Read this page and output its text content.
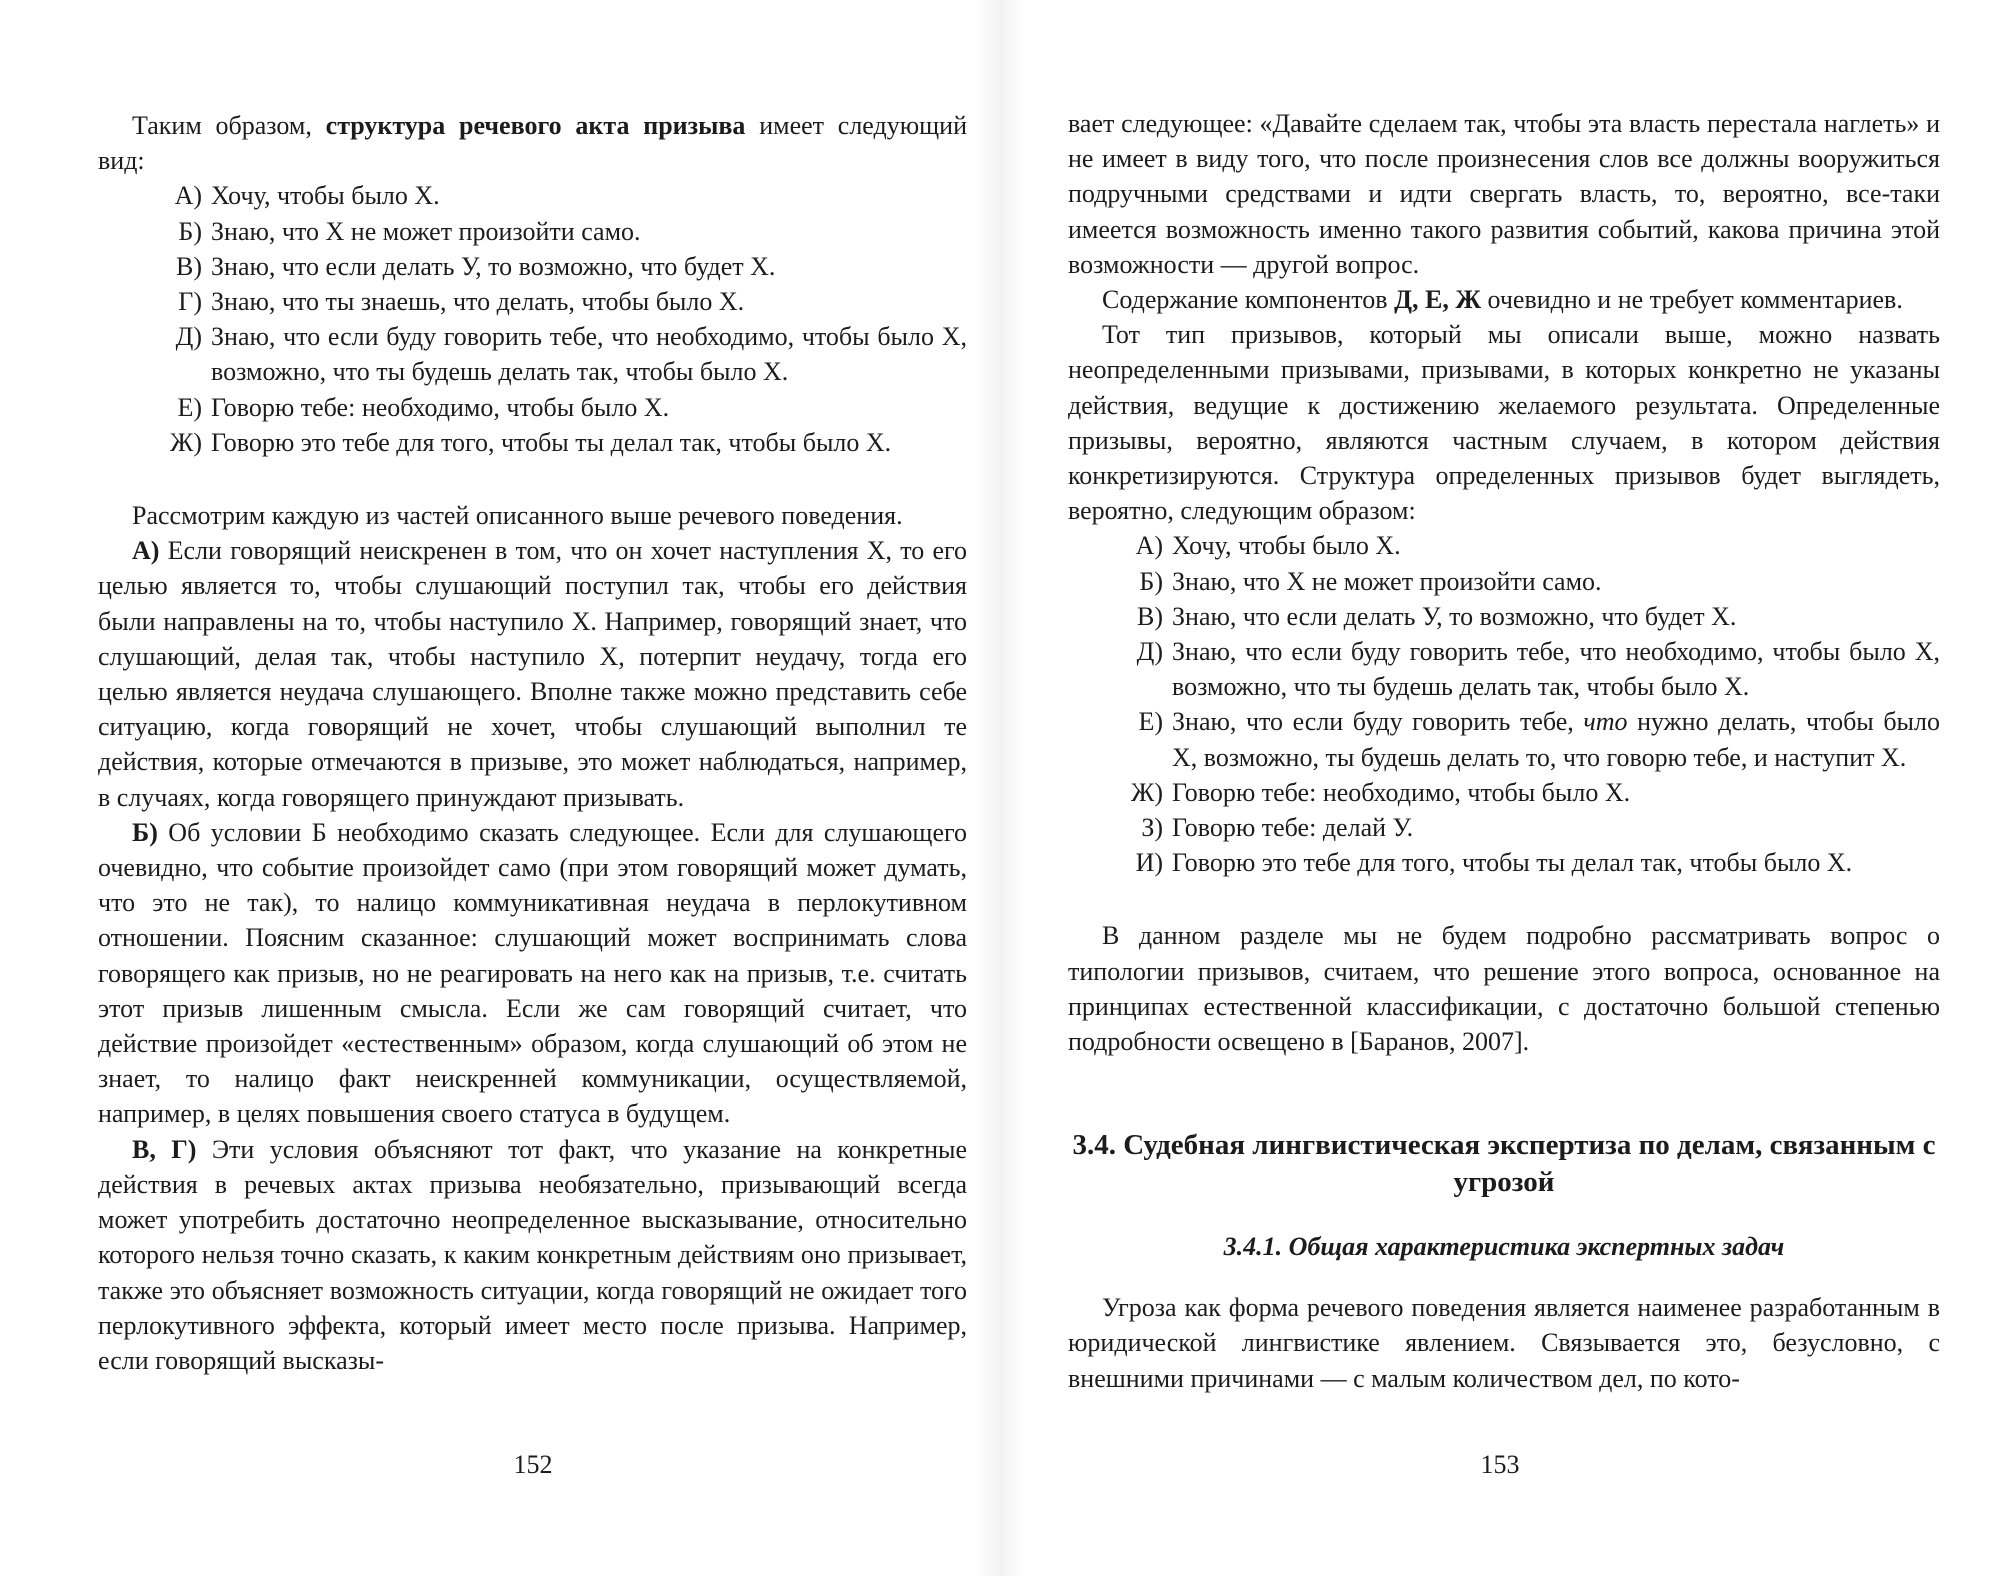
Таким образом, структура речевого акта призыва имеет следующий вид:

А) Хочу, чтобы было X.
Б) Знаю, что X не может произойти само.
В) Знаю, что если делать У, то возможно, что будет X.
Г) Знаю, что ты знаешь, что делать, чтобы было X.
Д) Знаю, что если буду говорить тебе, что необходимо, чтобы было X, возможно, что ты будешь делать так, чтобы было X.
Е) Говорю тебе: необходимо, чтобы было X.
Ж) Говорю это тебе для того, чтобы ты делал так, чтобы было X.

Рассмотрим каждую из частей описанного выше речевого поведения.

А) Если говорящий неискренен в том, что он хочет наступления X, то его целью является то, чтобы слушающий поступил так, чтобы его действия были направлены на то, чтобы наступило X. Например, говорящий знает, что слушающий, делая так, чтобы наступило X, потерпит неудачу, тогда его целью является неудача слушающего. Вполне также можно представить себе ситуацию, когда говорящий не хочет, чтобы слушающий выполнил те действия, которые отмечаются в призыве, это может наблюдаться, например, в случаях, когда говорящего принуждают призывать.

Б) Об условии Б необходимо сказать следующее. Если для слушающего очевидно, что событие произойдет само (при этом говорящий может думать, что это не так), то налицо коммуникативная неудача в перлокутивном отношении. Поясним сказанное: слушающий может воспринимать слова говорящего как призыв, но не реагировать на него как на призыв, т.е. считать этот призыв лишенным смысла. Если же сам говорящий считает, что действие произойдет «естественным» образом, когда слушающий об этом не знает, то налицо факт неискренней коммуникации, осуществляемой, например, в целях повышения своего статуса в будущем.

В, Г) Эти условия объясняют тот факт, что указание на конкретные действия в речевых актах призыва необязательно, призывающий всегда может употребить достаточно неопределенное высказывание, относительно которого нельзя точно сказать, к каким конкретным действиям оно призывает, также это объясняет возможность ситуации, когда говорящий не ожидает того перлокутивного эффекта, который имеет место после призыва. Например, если говорящий высказы-

152

вает следующее: «Давайте сделаем так, чтобы эта власть перестала наглеть» и не имеет в виду того, что после произнесения слов все должны вооружиться подручными средствами и идти свергать власть, то, вероятно, все-таки имеется возможность именно такого развития событий, какова причина этой возможности — другой вопрос.

Содержание компонентов Д, Е, Ж очевидно и не требует комментариев.

Тот тип призывов, который мы описали выше, можно назвать неопределенными призывами, призывами, в которых конкретно не указаны действия, ведущие к достижению желаемого результата. Определенные призывы, вероятно, являются частным случаем, в котором действия конкретизируются. Структура определенных призывов будет выглядеть, вероятно, следующим образом:

А) Хочу, чтобы было X.
Б) Знаю, что X не может произойти само.
В) Знаю, что если делать У, то возможно, что будет X.
Д) Знаю, что если буду говорить тебе, что необходимо, чтобы было X, возможно, что ты будешь делать так, чтобы было X.
Е) Знаю, что если буду говорить тебе, что нужно делать, чтобы было X, возможно, ты будешь делать то, что говорю тебе, и наступит X.
Ж) Говорю тебе: необходимо, чтобы было X.
З) Говорю тебе: делай У.
И) Говорю это тебе для того, чтобы ты делал так, чтобы было X.

В данном разделе мы не будем подробно рассматривать вопрос о типологии призывов, считаем, что решение этого вопроса, основанное на принципах естественной классификации, с достаточно большой степенью подробности освещено в [Баранов, 2007].

3.4. Судебная лингвистическая экспертиза по делам, связанным с угрозой
3.4.1. Общая характеристика экспертных задач

Угроза как форма речевого поведения является наименее разработанным в юридической лингвистике явлением. Связывается это, безусловно, с внешними причинами — с малым количеством дел, по кото-

153
